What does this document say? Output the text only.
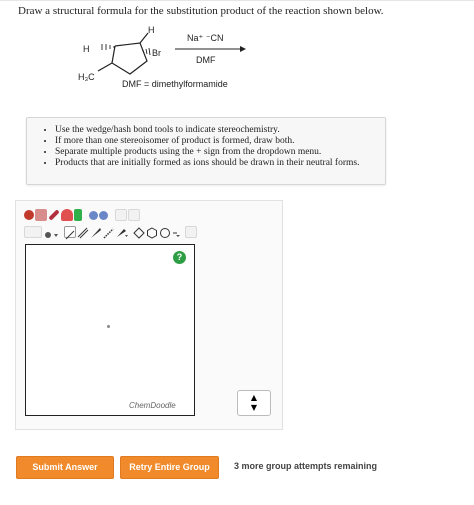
Draw a structural formula for the substitution product of the reaction shown below.
H
H	Br
H₃C
Na⁺ ⁻CN
DMF
DMF = dimethylformamide
• Use the wedge/hash bond tools to indicate stereochemistry.
• If more than one stereoisomer of product is formed, draw both.
• Separate multiple products using the + sign from the dropdown menu.
• Products that are initially formed as ions should be drawn in their neutral forms.
?
ChemDoodle
▲
▼
Submit Answer	Retry Entire Group	3 more group attempts remaining
